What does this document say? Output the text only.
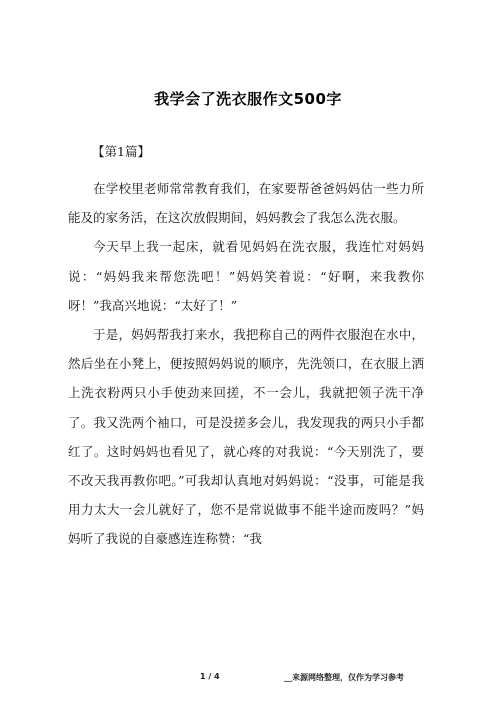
我学会了洗衣服作文500字
【第1篇】

在学校里老师常常教育我们，在家要帮爸爸妈妈估一些力所能及的家务活，在这次放假期间，妈妈教会了我怎么洗衣服。

今天早上我一起床，就看见妈妈在洗衣服，我连忙对妈妈说：“妈妈我来帮您洗吧！”妈妈笑着说：“好啊，来我教你呀！”我高兴地说：“太好了！”

于是，妈妈帮我打来水，我把称自己的两件衣服泡在水中，然后坐在小凳上，便按照妈妈说的顺序，先洗领口，在衣服上洒上洗衣粉两只小手使劲来回搓，不一会儿，我就把领子洗干净了。我又洗两个袖口，可是没搓多会儿，我发现我的两只小手都红了。这时妈妈也看见了，就心疼的对我说：“今天别洗了，要不改天我再教你吧。”可我却认真地对妈妈说：“没事，可能是我用力太大一会儿就好了，您不是常说做事不能半途而废吗？”妈妈听了我说的自豪感连连称赞：“我

1 / 4	__来源网络整理，仅作为学习参考
